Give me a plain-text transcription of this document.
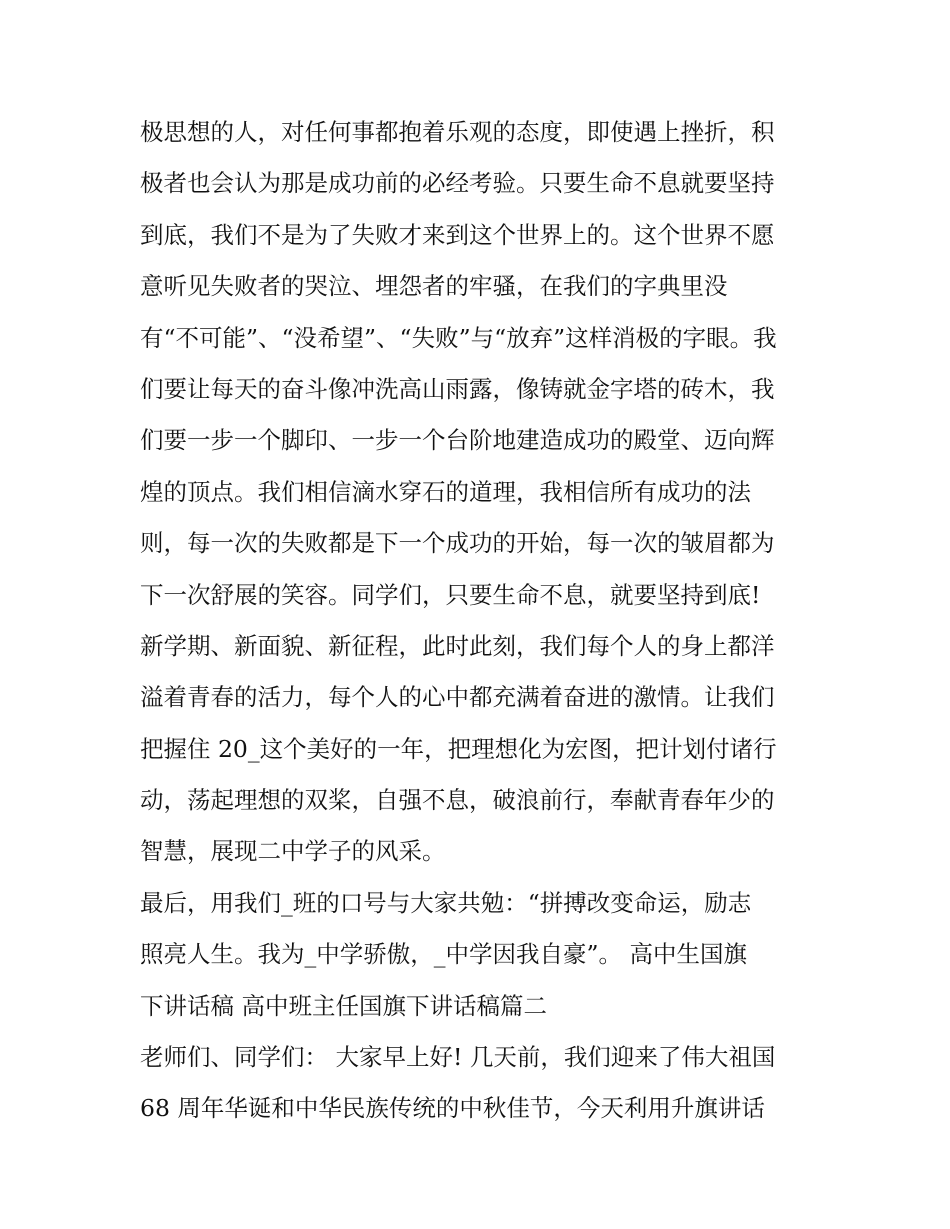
极思想的人，对任何事都抱着乐观的态度，即使遇上挫折，积
极者也会认为那是成功前的必经考验。只要生命不息就要坚持
到底，我们不是为了失败才来到这个世界上的。这个世界不愿
意听见失败者的哭泣、埋怨者的牢骚，在我们的字典里没
有“不可能”、“没希望”、“失败”与“放弃”这样消极的字眼。我
们要让每天的奋斗像冲洗高山雨露，像铸就金字塔的砖木，我
们要一步一个脚印、一步一个台阶地建造成功的殿堂、迈向辉
煌的顶点。我们相信滴水穿石的道理，我相信所有成功的法
则，每一次的失败都是下一个成功的开始，每一次的皱眉都为
下一次舒展的笑容。同学们，只要生命不息，就要坚持到底!
新学期、新面貌、新征程，此时此刻，我们每个人的身上都洋
溢着青春的活力，每个人的心中都充满着奋进的激情。让我们
把握住 20_这个美好的一年，把理想化为宏图，把计划付诸行
动，荡起理想的双桨，自强不息，破浪前行，奉献青春年少的
智慧，展现二中学子的风采。
最后，用我们_班的口号与大家共勉：“拼搏改变命运，励志
照亮人生。我为_中学骄傲，_中学因我自豪”。 高中生国旗
下讲话稿 高中班主任国旗下讲话稿篇二
老师们、同学们： 大家早上好! 几天前，我们迎来了伟大祖国
68 周年华诞和中华民族传统的中秋佳节，今天利用升旗讲话
